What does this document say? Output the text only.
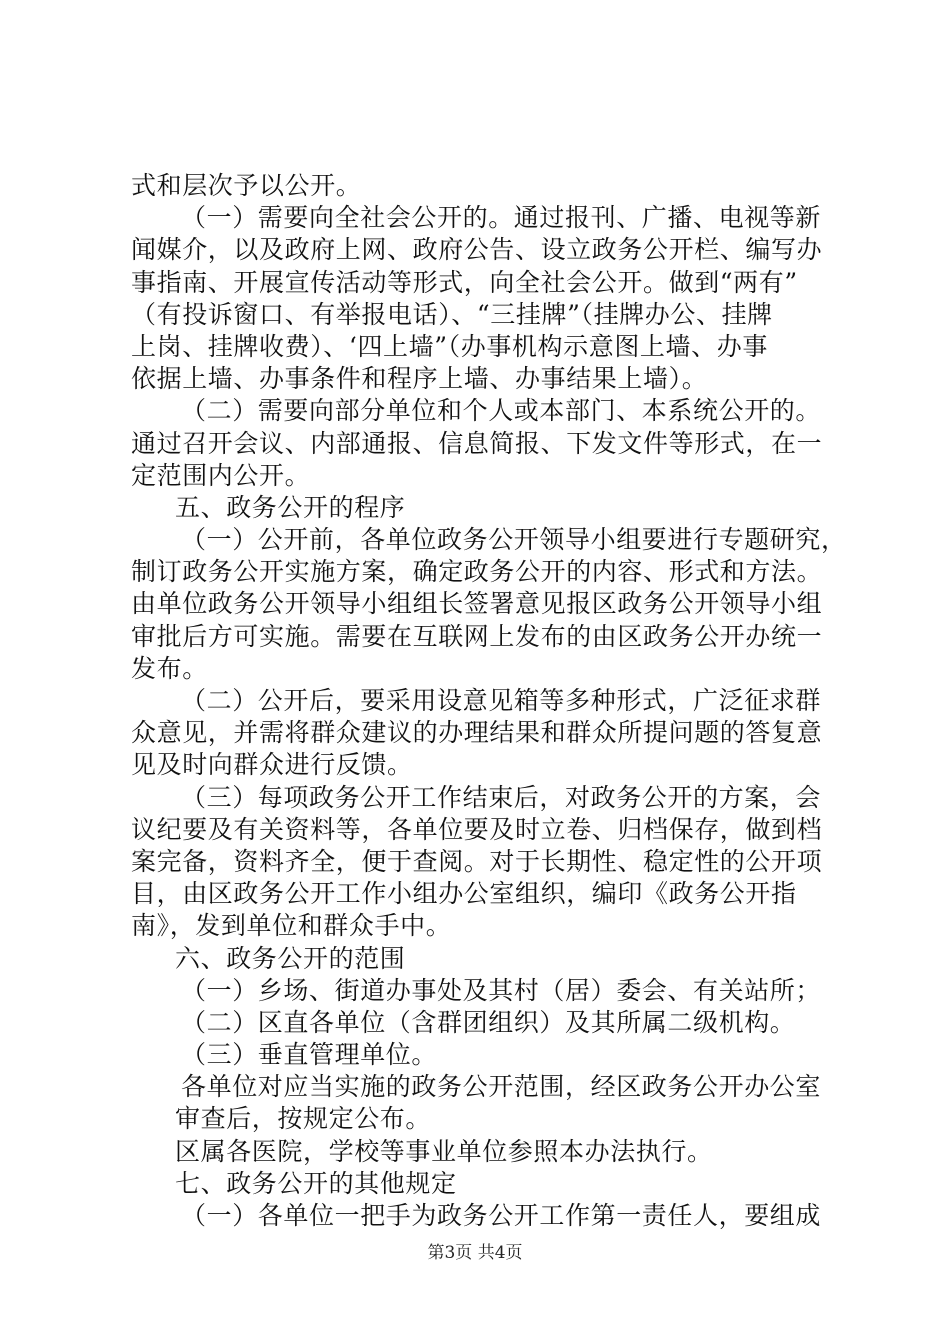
式和层次予以公开。
（一）需要向全社会公开的。通过报刊、广播、电视等新
闻媒介，以及政府上网、政府公告、设立政务公开栏、编写办
事指南、开展宣传活动等形式，向全社会公开。做到“两有”
（有投诉窗口、有举报电话）、“三挂牌”（挂牌办公、挂牌
上岗、挂牌收费）、‘四上墙”（办事机构示意图上墙、办事
依据上墙、办事条件和程序上墙、办事结果上墙）。
（二）需要向部分单位和个人或本部门、本系统公开的。
通过召开会议、内部通报、信息简报、下发文件等形式，在一
定范围内公开。
五、政务公开的程序
（一）公开前，各单位政务公开领导小组要进行专题研究，
制订政务公开实施方案，确定政务公开的内容、形式和方法。
由单位政务公开领导小组组长签署意见报区政务公开领导小组
审批后方可实施。需要在互联网上发布的由区政务公开办统一
发布。
（二）公开后，要采用设意见箱等多种形式，广泛征求群
众意见，并需将群众建议的办理结果和群众所提问题的答复意
见及时向群众进行反馈。
（三）每项政务公开工作结束后，对政务公开的方案，会
议纪要及有关资料等，各单位要及时立卷、归档保存，做到档
案完备，资料齐全，便于查阅。对于长期性、稳定性的公开项
目，由区政务公开工作小组办公室组织，编印《政务公开指
南》，发到单位和群众手中。
六、政务公开的范围
（一）乡场、街道办事处及其村（居）委会、有关站所；
（二）区直各单位（含群团组织）及其所属二级机构。
（三）垂直管理单位。
各单位对应当实施的政务公开范围，经区政务公开办公室
审查后，按规定公布。
区属各医院，学校等事业单位参照本办法执行。
七、政务公开的其他规定
（一）各单位一把手为政务公开工作第一责任人，要组成
第3页 共4页
